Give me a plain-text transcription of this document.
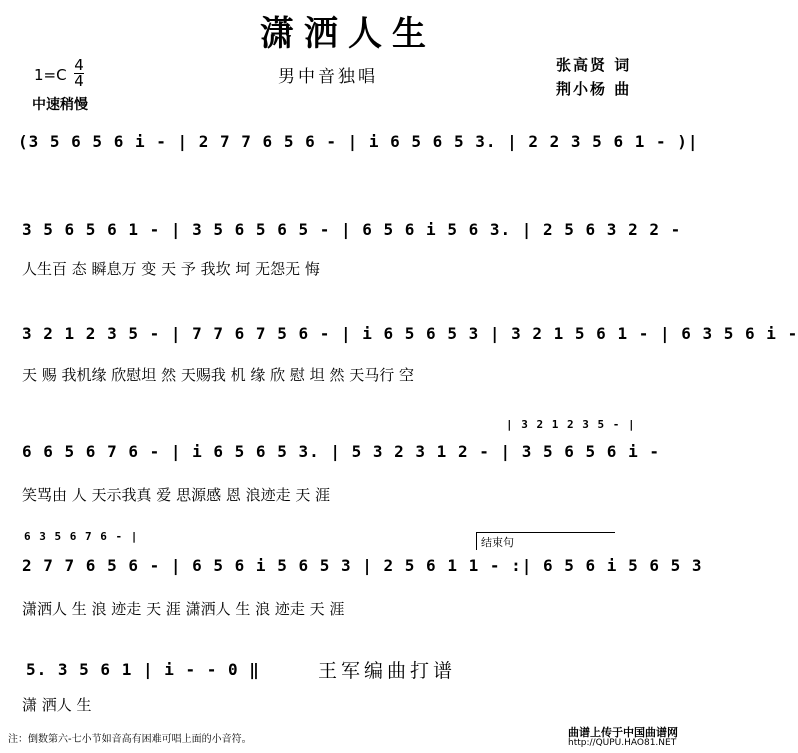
潇洒人生
1=C
4
4
中速稍慢
男中音独唱
张高贤 词
荆小杨 曲
(3 5 6 5 6 i - | 2 7 7 6 5 6 - | i 6 5 6 5 3. | 2 2 3 5 6 1 - )|
3 5 6 5 6 1 - | 3 5 6 5 6 5 - | 6 5 6 i 5 6 3. | 2 5 6 3 2 2 -
人生百 态 瞬息万 变 天 予 我坎 坷 无怨无 悔
3 2 1 2 3 5 - | 7 7 6 7 5 6 - | i 6 5 6 5 3 | 3 2 1 5 6 1 - | 6 3 5 6 i -
天 赐 我机缘 欣慰坦 然 天赐我 机 缘 欣 慰 坦 然 天马行 空
| 3 2 1 2 3 5 - |
6 6 5 6 7 6 - | i 6 5 6 5 3. | 5 3 2 3 1 2 - | 3 5 6 5 6 i -
笑骂由 人 天示我真 爱 思源感 恩 浪迹走 天 涯
6 3 5 6 7 6 - |	结束句
2 7 7 6 5 6 - | 6 5 6 i 5 6 5 3 | 2 5 6 1 1 - :| 6 5 6 i 5 6 5 3
潇洒人 生 浪 迹走 天 涯 潇洒人 生 浪 迹走 天 涯
5. 3 5 6 1 | i - - 0 ‖
潇 洒人 生
王军编曲打谱
注：倒数第六-七小节如音高有困难可唱上面的小音符。
曲谱上传于中国曲谱网
http://QUPU.HAO81.NET
